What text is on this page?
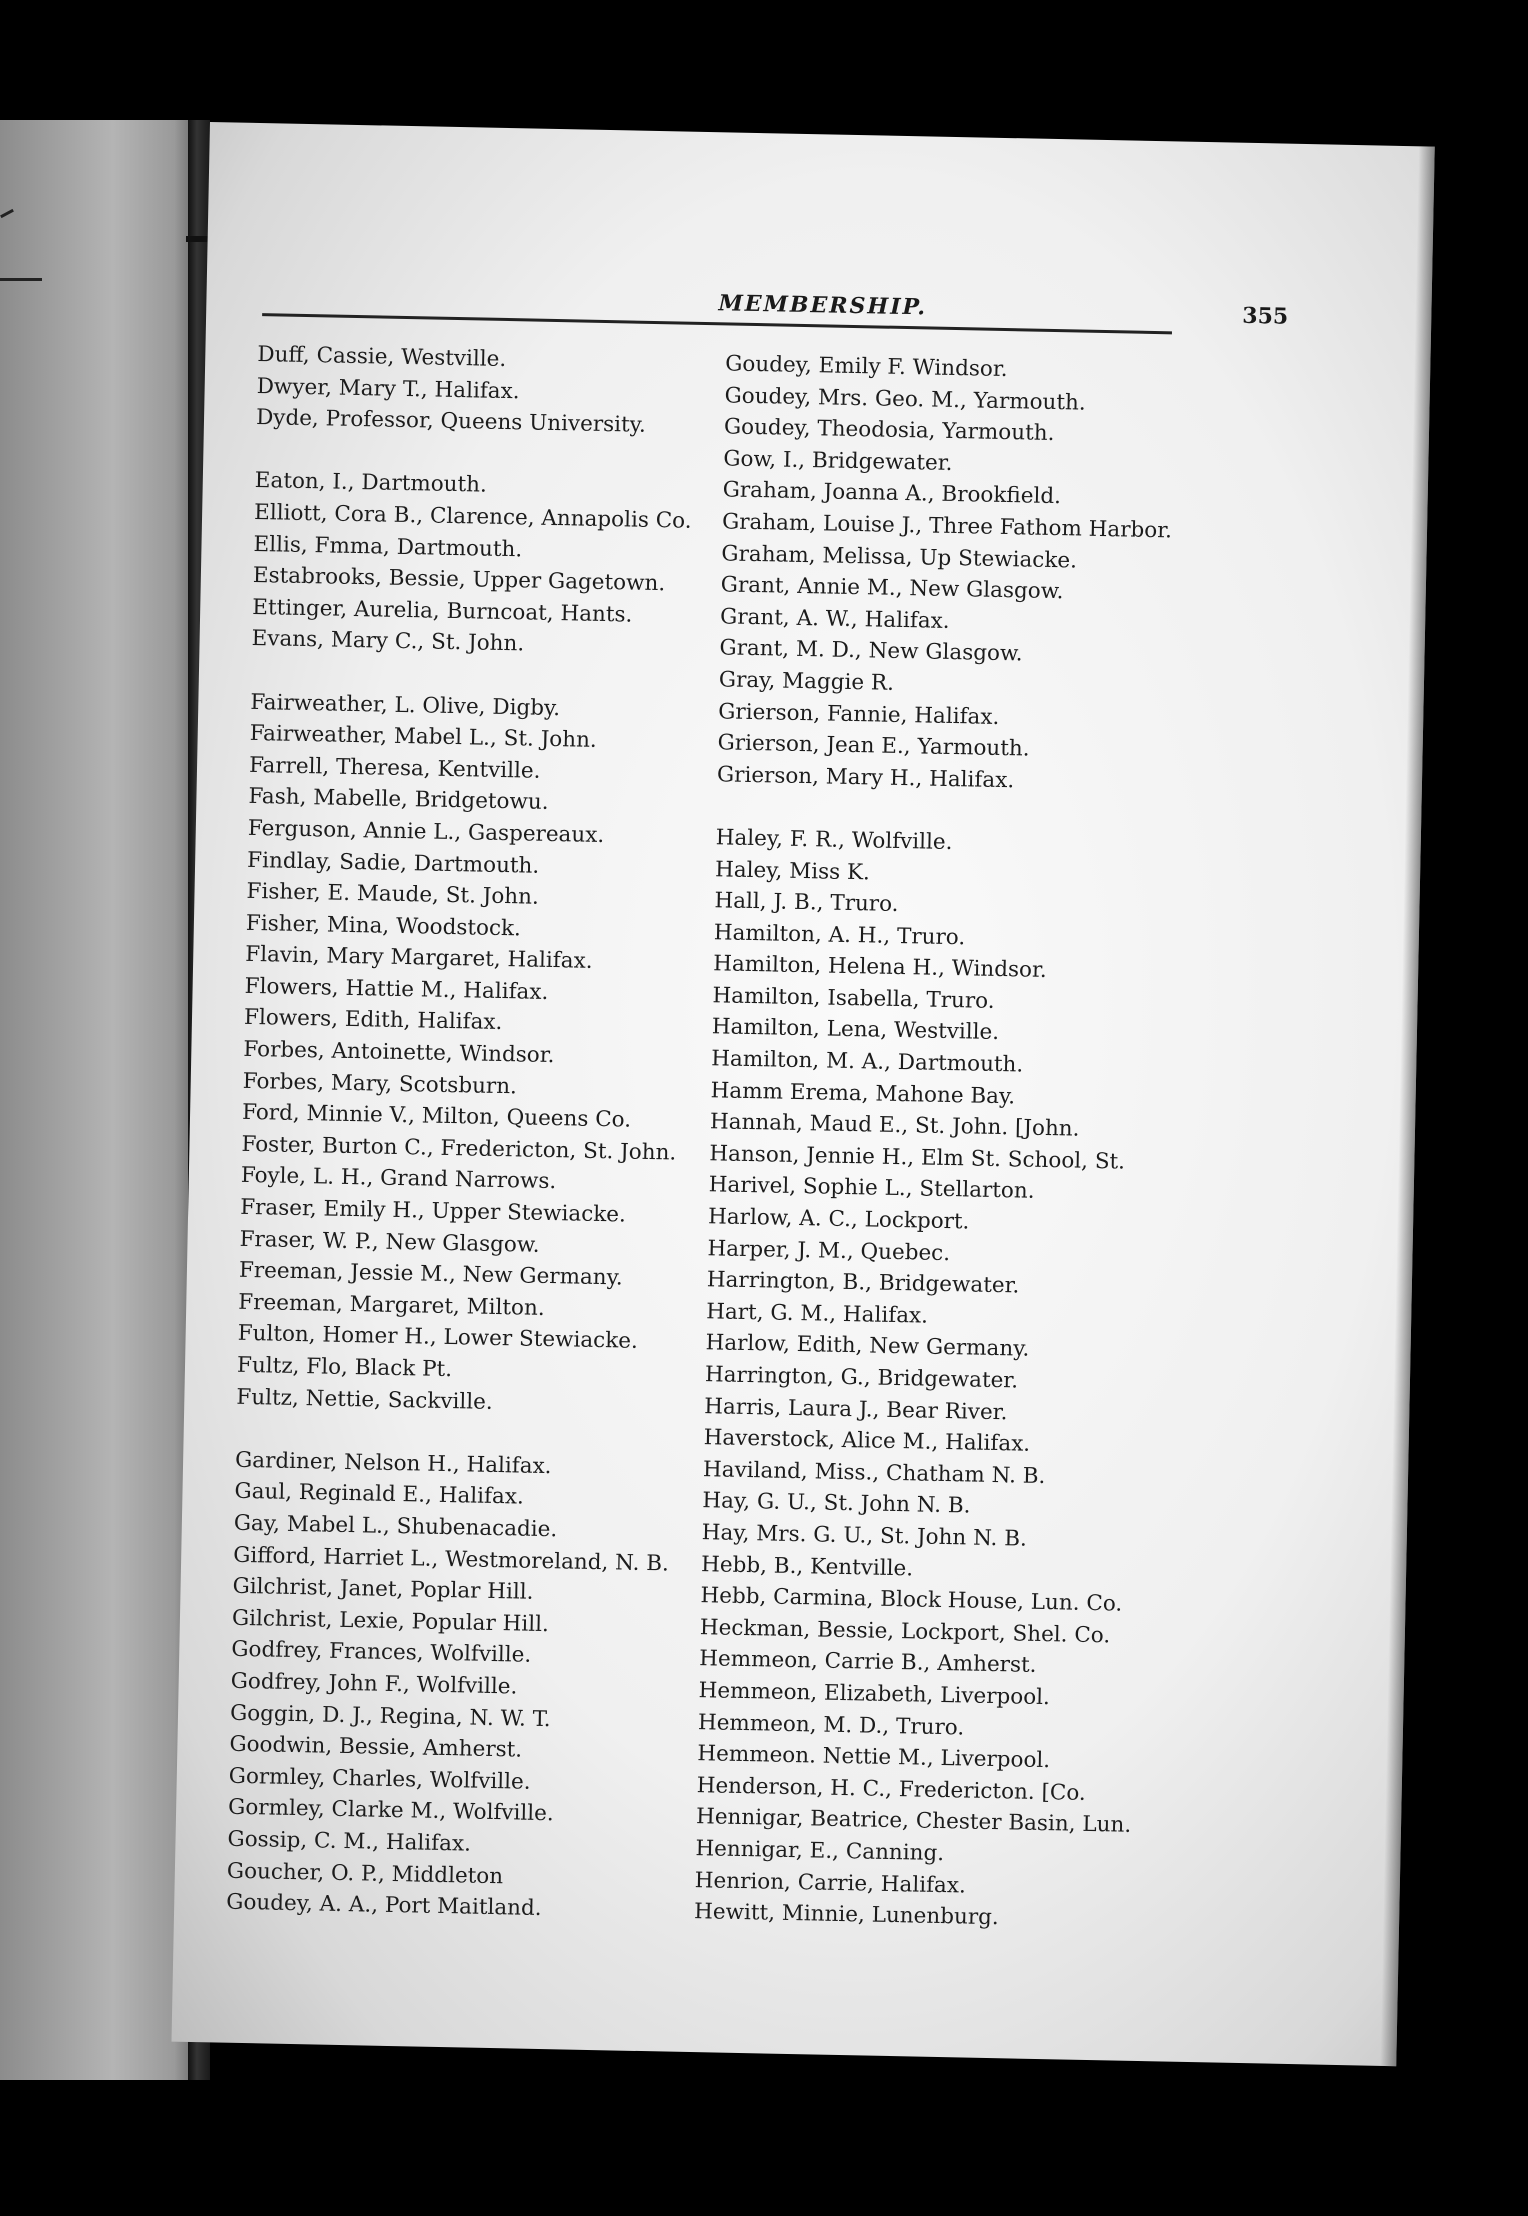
MEMBERSHIP.	355
Duff, Cassie, Westville.
Dwyer, Mary T., Halifax.
Dyde, Professor, Queens University.
Eaton, I., Dartmouth.
Elliott, Cora B., Clarence, Annapolis Co.
Ellis, Fmma, Dartmouth.
Estabrooks, Bessie, Upper Gagetown.
Ettinger, Aurelia, Burncoat, Hants.
Evans, Mary C., St. John.
Fairweather, L. Olive, Digby.
Fairweather, Mabel L., St. John.
Farrell, Theresa, Kentville.
Fash, Mabelle, Bridgetowu.
Ferguson, Annie L., Gaspereaux.
Findlay, Sadie, Dartmouth.
Fisher, E. Maude, St. John.
Fisher, Mina, Woodstock.
Flavin, Mary Margaret, Halifax.
Flowers, Hattie M., Halifax.
Flowers, Edith, Halifax.
Forbes, Antoinette, Windsor.
Forbes, Mary, Scotsburn.
Ford, Minnie V., Milton, Queens Co.
Foster, Burton C., Fredericton, St. John.
Foyle, L. H., Grand Narrows.
Fraser, Emily H., Upper Stewiacke.
Fraser, W. P., New Glasgow.
Freeman, Jessie M., New Germany.
Freeman, Margaret, Milton.
Fulton, Homer H., Lower Stewiacke.
Fultz, Flo, Black Pt.
Fultz, Nettie, Sackville.
Gardiner, Nelson H., Halifax.
Gaul, Reginald E., Halifax.
Gay, Mabel L., Shubenacadie.
Gifford, Harriet L., Westmoreland, N. B.
Gilchrist, Janet, Poplar Hill.
Gilchrist, Lexie, Popular Hill.
Godfrey, Frances, Wolfville.
Godfrey, John F., Wolfville.
Goggin, D. J., Regina, N. W. T.
Goodwin, Bessie, Amherst.
Gormley, Charles, Wolfville.
Gormley, Clarke M., Wolfville.
Gossip, C. M., Halifax.
Goucher, O. P., Middleton
Goudey, A. A., Port Maitland.
Goudey, Emily F. Windsor.
Goudey, Mrs. Geo. M., Yarmouth.
Goudey, Theodosia, Yarmouth.
Gow, I., Bridgewater.
Graham, Joanna A., Brookfield.
Graham, Louise J., Three Fathom Harbor.
Graham, Melissa, Up Stewiacke.
Grant, Annie M., New Glasgow.
Grant, A. W., Halifax.
Grant, M. D., New Glasgow.
Gray, Maggie R.
Grierson, Fannie, Halifax.
Grierson, Jean E., Yarmouth.
Grierson, Mary H., Halifax.
Haley, F. R., Wolfville.
Haley, Miss K.
Hall, J. B., Truro.
Hamilton, A. H., Truro.
Hamilton, Helena H., Windsor.
Hamilton, Isabella, Truro.
Hamilton, Lena, Westville.
Hamilton, M. A., Dartmouth.
Hamm Erema, Mahone Bay.
Hannah, Maud E., St. John. [John.
Hanson, Jennie H., Elm St. School, St.
Harivel, Sophie L., Stellarton.
Harlow, A. C., Lockport.
Harper, J. M., Quebec.
Harrington, B., Bridgewater.
Hart, G. M., Halifax.
Harlow, Edith, New Germany.
Harrington, G., Bridgewater.
Harris, Laura J., Bear River.
Haverstock, Alice M., Halifax.
Haviland, Miss., Chatham N. B.
Hay, G. U., St. John N. B.
Hay, Mrs. G. U., St. John N. B.
Hebb, B., Kentville.
Hebb, Carmina, Block House, Lun. Co.
Heckman, Bessie, Lockport, Shel. Co.
Hemmeon, Carrie B., Amherst.
Hemmeon, Elizabeth, Liverpool.
Hemmeon, M. D., Truro.
Hemmeon. Nettie M., Liverpool.
Henderson, H. C., Fredericton. [Co.
Hennigar, Beatrice, Chester Basin, Lun.
Hennigar, E., Canning.
Henrion, Carrie, Halifax.
Hewitt, Minnie, Lunenburg.
